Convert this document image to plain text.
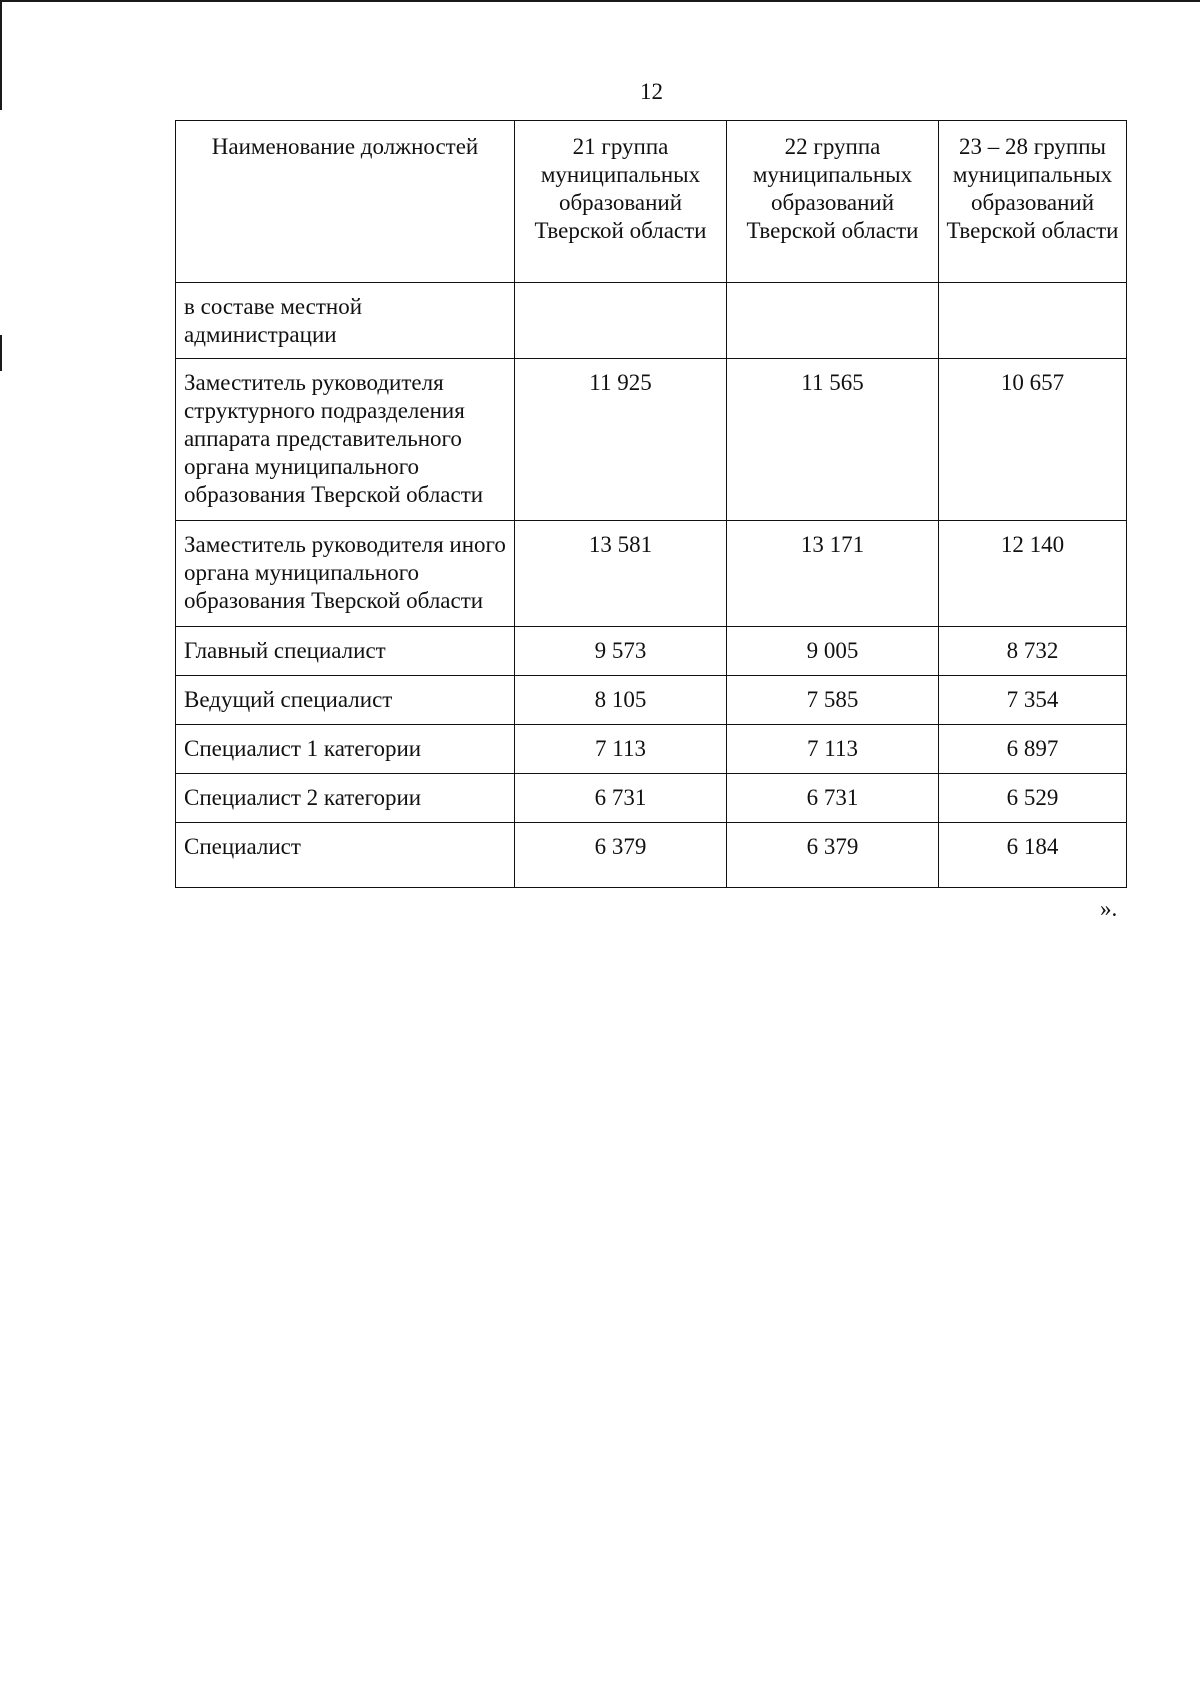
12
Наименование должностей	21 группа муниципальных образований Тверской области	22 группа муниципальных образований Тверской области	23 – 28 группы муниципальных образований Тверской области
в составе местной администрации			
Заместитель руководителя структурного подразделения аппарата представительного органа муниципального образования Тверской области	11 925	11 565	10 657
Заместитель руководителя иного органа муниципального образования Тверской области	13 581	13 171	12 140
Главный специалист	9 573	9 005	8 732
Ведущий специалист	8 105	7 585	7 354
Специалист 1 категории	7 113	7 113	6 897
Специалист 2 категории	6 731	6 731	6 529
Специалист	6 379	6 379	6 184
».
